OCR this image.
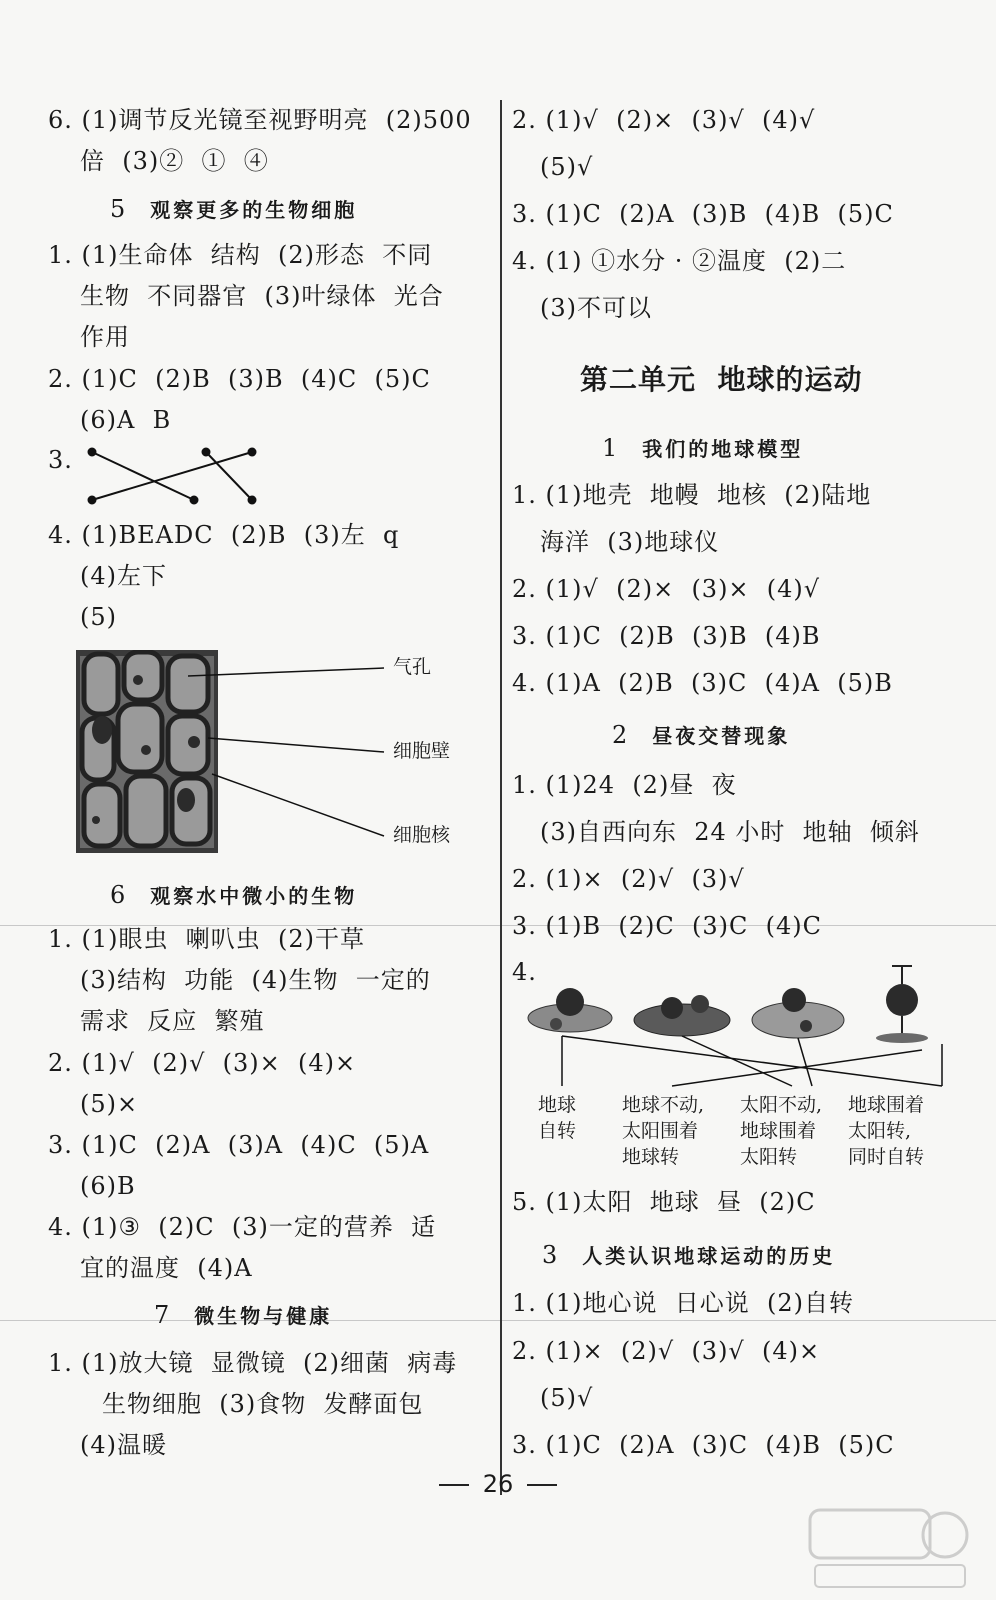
6. (1)调节反光镜至视野明亮  (2)500
倍  (3)②  ①  ④
5 观察更多的生物细胞
1. (1)生命体  结构  (2)形态  不同
生物  不同器官  (3)叶绿体  光合
作用
2. (1)C  (2)B  (3)B  (4)C  (5)C
(6)A  B
3.
4. (1)BEADC  (2)B  (3)左  q
(4)左下
(5)
气孔
细胞壁
细胞核
6 观察水中微小的生物
1. (1)眼虫  喇叭虫  (2)干草
(3)结构  功能  (4)生物  一定的
需求  反应  繁殖
2. (1)√  (2)√  (3)×  (4)×
(5)×
3. (1)C  (2)A  (3)A  (4)C  (5)A
(6)B
4. (1)③  (2)C  (3)一定的营养  适
宜的温度  (4)A
7 微生物与健康
1. (1)放大镜  显微镜  (2)细菌  病毒
生物细胞  (3)食物  发酵面包
(4)温暖
2. (1)√  (2)×  (3)√  (4)√
(5)√
3. (1)C  (2)A  (3)B  (4)B  (5)C
4. (1) ①水分 · ②温度  (2)二
(3)不可以
第二单元  地球的运动
1 我们的地球模型
1. (1)地壳  地幔  地核  (2)陆地
海洋  (3)地球仪
2. (1)√  (2)×  (3)×  (4)√
3. (1)C  (2)B  (3)B  (4)B
4. (1)A  (2)B  (3)C  (4)A  (5)B
2 昼夜交替现象
1. (1)24  (2)昼  夜
(3)自西向东  24 小时  地轴  倾斜
2. (1)×  (2)√  (3)√
3. (1)B  (2)C  (3)C  (4)C
4.
地球
自转
地球不动,
太阳围着
地球转
太阳不动,
地球围着
太阳转
地球围着
太阳转,
同时自转
5. (1)太阳  地球  昼  (2)C
3 人类认识地球运动的历史
1. (1)地心说  日心说  (2)自转
2. (1)×  (2)√  (3)√  (4)×
(5)√
3. (1)C  (2)A  (3)C  (4)B  (5)C
26
